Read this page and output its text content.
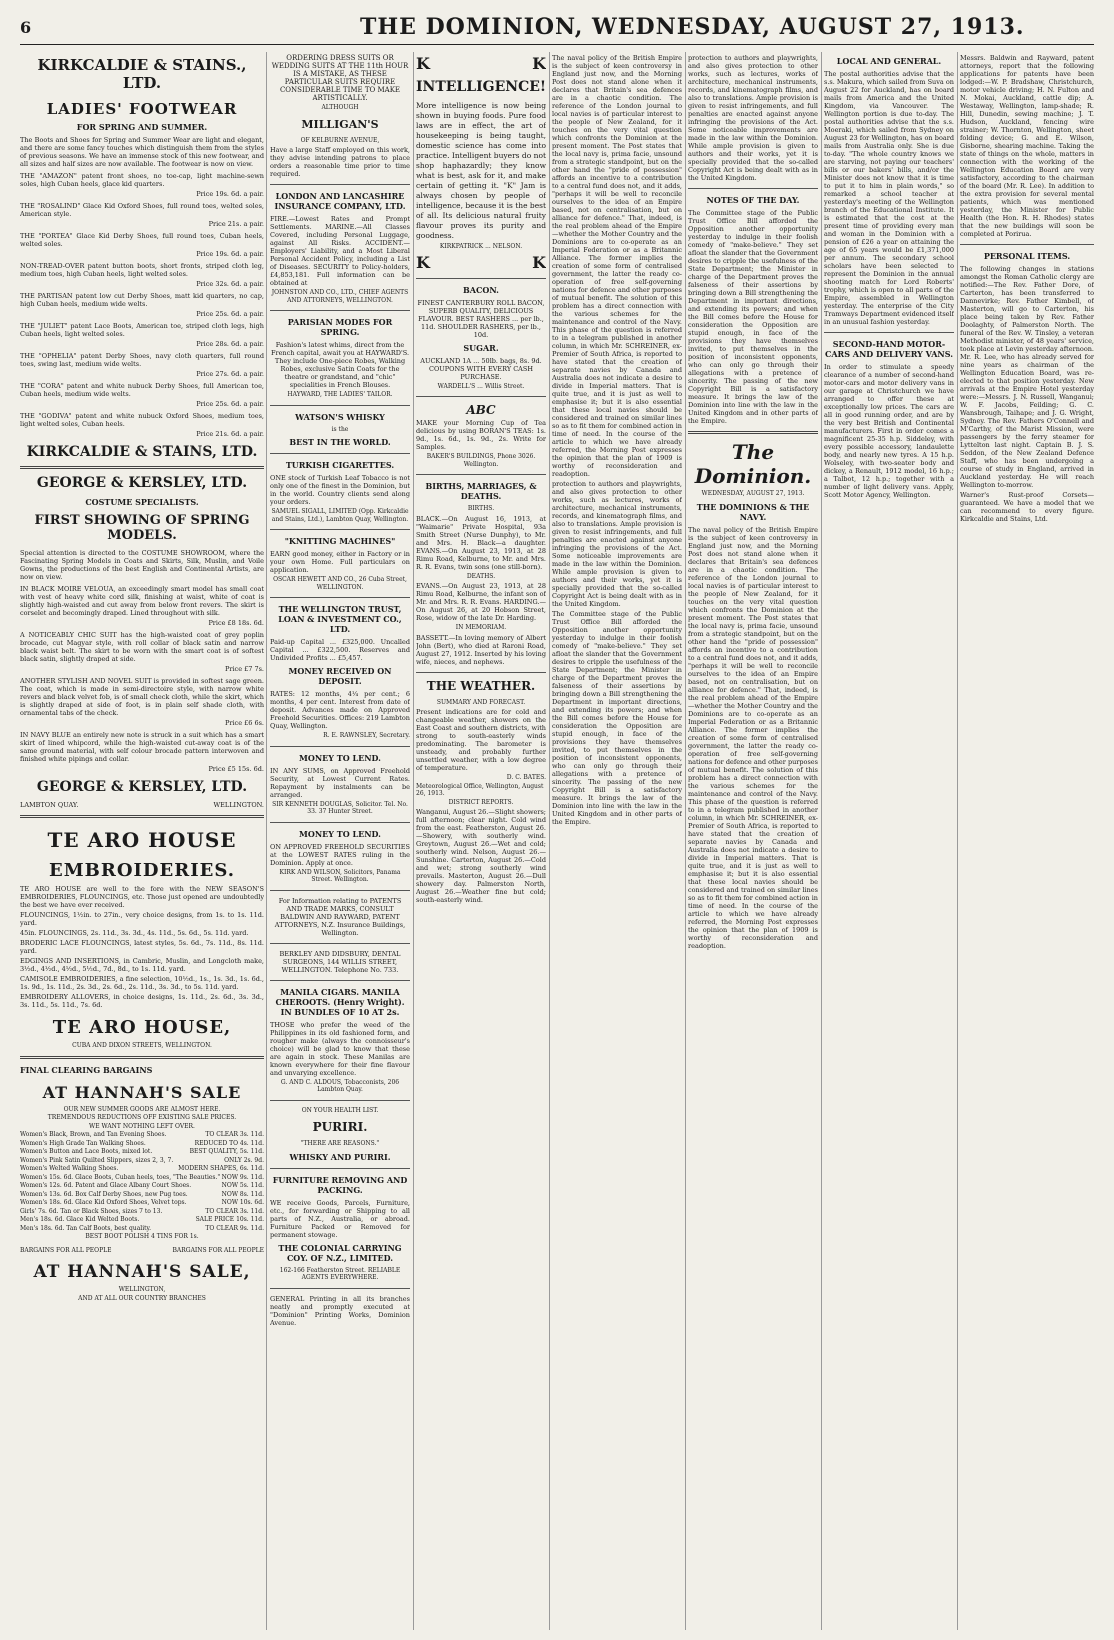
6	THE DOMINION, WEDNESDAY, AUGUST 27, 1913.
KIRKCALDIE & STAINS., LTD.
LADIES' FOOTWEAR
FOR SPRING AND SUMMER.
The Boots and Shoes for Spring and Summer Wear are light and elegant, and there are some fancy touches which distinguish them from the styles of previous seasons. We have an immense stock of this new footwear, and all sizes and half sizes are now available. The footwear is now on view.
THE "AMAZON" patent front shoes, no toe-cap, light machine-sewn soles, high Cuban heels, glace kid quarters.
Price 19s. 6d. a pair.
THE "ROSALIND" Glace Kid Oxford Shoes, full round toes, welted soles, American style.
Price 21s. a pair.
THE "PORTEA" Glace Kid Derby Shoes, full round toes, Cuban heels, welted soles.
Price 19s. 6d. a pair.
NON-TREAD-OVER patent button boots, short fronts, striped cloth leg, medium toes, high Cuban heels, light welted soles.
Price 32s. 6d. a pair.
THE PARTISAN patent low cut Derby Shoes, matt kid quarters, no cap, high Cuban heels, medium wide welts.
Price 25s. 6d. a pair.
THE "JULIET" patent Lace Boots, American toe, striped cloth legs, high Cuban heels, light welted soles.
Price 28s. 6d. a pair.
THE "OPHELIA" patent Derby Shoes, navy cloth quarters, full round toes, swing last, medium wide welts.
Price 27s. 6d. a pair.
THE "CORA" patent and white nubuck Derby Shoes, full American toe, Cuban heels, medium wide welts.
Price 25s. 6d. a pair.
THE "GODIVA" patent and white nubuck Oxford Shoes, medium toes, light welted soles, Cuban heels.
Price 21s. 6d. a pair.
KIRKCALDIE & STAINS, LTD.
GEORGE & KERSLEY, LTD.
COSTUME SPECIALISTS.
FIRST SHOWING OF SPRING MODELS.
Special attention is directed to the COSTUME SHOWROOM, where the Fascinating Spring Models in Coats and Skirts, Silk, Muslin, and Voile Gowns, the productions of the best English and Continental Artists, are now on view.
IN BLACK MOIRE VELOUA, an exceedingly smart model has small coat with vest of heavy white cord silk, finishing at waist, white of coat is slightly high-waisted and cut away from below front revers. The skirt is corselet and becomingly draped. Lined throughout with silk.
Price £8 18s. 6d.
A NOTICEABLY CHIC SUIT has the high-waisted coat of grey poplin brocade, cut Magyar style, with roll collar of black satin and narrow black waist belt. The skirt to be worn with the smart coat is of softest black satin, slightly draped at side.
Price £7 7s.
ANOTHER STYLISH AND NOVEL SUIT is provided in softest sage green. The coat, which is made in semi-directoire style, with narrow white revers and black velvet fob, is of small check cloth, while the skirt, which is slightly draped at side of foot, is in plain self shade cloth, with ornamental tabs of the check.
Price £6 6s.
IN NAVY BLUE an entirely new note is struck in a suit which has a smart skirt of lined whipcord, while the high-waisted cut-away coat is of the same ground material, with self colour brocade pattern interwoven and finished white pipings and collar.
Price £5 15s. 6d.
GEORGE & KERSLEY, LTD.
LAMBTON QUAY.	WELLINGTON.
TE ARO HOUSE
EMBROIDERIES.
TE ARO HOUSE are well to the fore with the NEW SEASON'S EMBROIDERIES, FLOUNCINGS, etc. Those just opened are undoubtedly the best we have ever received.
FLOUNCINGS, 1½in. to 27in., very choice designs, from 1s. to 1s. 11d. yard.
45in. FLOUNCINGS, 2s. 11d., 3s. 3d., 4s. 11d., 5s. 6d., 5s. 11d. yard.
BRODERIC LACE FLOUNCINGS, latest styles, 5s. 6d., 7s. 11d., 8s. 11d. yard.
EDGINGS AND INSERTIONS, in Cambric, Muslin, and Longcloth make, 3½d., 4½d., 4½d., 5½d., 7d., 8d., to 1s. 11d. yard.
CAMISOLE EMBROIDERIES, a fine selection, 10½d., 1s., 1s. 3d., 1s. 6d., 1s. 9d., 1s. 11d., 2s. 3d., 2s. 6d., 2s. 11d., 3s. 3d., to 5s. 11d. yard.
EMBROIDERY ALLOVERS, in choice designs, 1s. 11d., 2s. 6d., 3s. 3d., 3s. 11d., 5s. 11d., 7s. 6d.
TE ARO HOUSE,
CUBA AND DIXON STREETS, WELLINGTON.
FINAL CLEARING BARGAINS
AT HANNAH'S SALE
OUR NEW SUMMER GOODS ARE ALMOST HERE.
TREMENDOUS REDUCTIONS OFF EXISTING SALE PRICES.
WE WANT NOTHING LEFT OVER.
Women's Black, Brown, and Tan Evening Shoes.	TO CLEAR 3s. 11d.
Women's High Grade Tan Walking Shoes.	REDUCED TO 4s. 11d.
Women's Button and Lace Boots, mixed lot.	BEST QUALITY, 5s. 11d.
Women's Pink Satin Quilted Slippers, sizes 2, 3, 7.	ONLY 2s. 9d.
Women's Welted Walking Shoes.	MODERN SHAPES, 6s. 11d.
Women's 15s. 6d. Glace Boots, Cuban heels, toes, "The Beauties." NOW 9s. 11d.
Women's 12s. 6d. Patent and Glace Albany Court Shoes.	NOW 5s. 11d.
Women's 13s. 6d. Box Calf Derby Shoes, new Pug toes.	NOW 8s. 11d.
Women's 18s. 6d. Glace Kid Oxford Shoes, Velvet tops.	NOW 10s. 6d.
Girls' 7s. 6d. Tan or Black Shoes, sizes 7 to 13.	TO CLEAR 3s. 11d.
Men's 18s. 6d. Glace Kid Welted Boots.	SALE PRICE 10s. 11d.
Men's 18s. 6d. Tan Calf Boots, best quality.	TO CLEAR 9s. 11d.
BEST BOOT POLISH 4 TINS FOR 1s.
BARGAINS FOR ALL PEOPLE	BARGAINS FOR ALL PEOPLE
AT HANNAH'S SALE,
WELLINGTON,
AND AT ALL OUR COUNTRY BRANCHES
ORDERING DRESS SUITS OR WEDDING SUITS AT THE 11th HOUR IS A MISTAKE, AS THESE PARTICULAR SUITS REQUIRE CONSIDERABLE TIME TO MAKE ARTISTICALLY.
ALTHOUGH
MILLIGAN'S
OF KELBURNE AVENUE,
Have a large Staff employed on this work, they advise intending patrons to place orders a reasonable time prior to time required.
LONDON AND LANCASHIRE INSURANCE COMPANY, LTD.
FIRE.—Lowest Rates and Prompt Settlements. MARINE.—All Classes Covered, including Personal Luggage, against All Risks. ACCIDENT.—Employers' Liability, and a Most Liberal Personal Accident Policy, including a List of Diseases. SECURITY to Policy-holders, £4,853,181. Full information can be obtained at
JOHNSTON AND CO., LTD., CHIEF AGENTS AND ATTORNEYS, WELLINGTON.
PARISIAN MODES FOR SPRING.
Fashion's latest whims, direct from the French capital, await you at HAYWARD'S. They include One-piece Robes, Walking Robes, exclusive Satin Coats for the theatre or grandstand, and "chic" specialities in French Blouses.
HAYWARD, THE LADIES' TAILOR.
WATSON'S WHISKY
is the
BEST IN THE WORLD.
TURKISH CIGARETTES.
ONE stock of Turkish Leaf Tobacco is not only one of the finest in the Dominion, but in the world. Country clients send along your orders.
SAMUEL SIGALL, LIMITED (Opp. Kirkcaldie and Stains, Ltd.), Lambton Quay, Wellington.
"KNITTING MACHINES"
EARN good money, either in Factory or in your own Home. Full particulars on application.
OSCAR HEWETT AND CO., 26 Cuba Street, WELLINGTON.
THE WELLINGTON TRUST, LOAN & INVESTMENT CO., LTD.
Paid-up Capital ... £325,000. Uncalled Capital ... £322,500. Reserves and Undivided Profits ... £5,457.
MONEY RECEIVED ON DEPOSIT.
RATES: 12 months, 4¼ per cent.; 6 months, 4 per cent. Interest from date of deposit. Advances made on Approved Freehold Securities. Offices: 219 Lambton Quay, Wellington.
R. E. RAWNSLEY, Secretary.
MONEY TO LEND.
IN ANY SUMS, on Approved Freehold Security, at Lowest Current Rates. Repayment by instalments can be arranged.
SIR KENNETH DOUGLAS, Solicitor. Tel. No. 33. 37 Hunter Street.
MONEY TO LEND.
ON APPROVED FREEHOLD SECURITIES at the LOWEST RATES ruling in the Dominion. Apply at once.
KIRK AND WILSON, Solicitors, Panama Street. Wellington.
For Information relating to PATENTS AND TRADE MARKS, CONSULT BALDWIN AND RAYWARD, PATENT ATTORNEYS, N.Z. Insurance Buildings, Wellington.
BERKLEY AND DIDSBURY, DENTAL SURGEONS, 144 WILLIS STREET, WELLINGTON. Telephone No. 733.
MANILA CIGARS. MANILA CHEROOTS. (Henry Wright). IN BUNDLES OF 10 AT 2s.
THOSE who prefer the weed of the Philippines in its old fashioned form, and rougher make (always the connoisseur's choice) will be glad to know that these are again in stock. These Manilas are known everywhere for their fine flavour and unvarying excellence.
G. AND C. ALDOUS, Tobacconists, 206 Lambton Quay.
ON YOUR HEALTH LIST.
PURIRI.
"THERE ARE REASONS."
WHISKY AND PURIRI.
FURNITURE REMOVING AND PACKING.
WE receive Goods, Parcels, Furniture, etc., for forwarding or Shipping to all parts of N.Z., Australia, or abroad. Furniture Packed or Removed for permanent stowage.
THE COLONIAL CARRYING COY. OF N.Z., LIMITED.
162-166 Featherston Street. RELIABLE AGENTS EVERYWHERE.
GENERAL Printing in all its branches neatly and promptly executed at "Dominion" Printing Works, Dominion Avenue.
K	K
INTELLIGENCE!
More intelligence is now being shown in buying foods. Pure food laws are in effect, the art of housekeeping is being taught, domestic science has come into practice. Intelligent buyers do not shop haphazardly; they know what is best, ask for it, and make certain of getting it. "K" Jam is always chosen by people of intelligence, because it is the best of all. Its delicious natural fruity flavour proves its purity and goodness.
KIRKPATRICK ... NELSON.
K	K
BACON.
FINEST CANTERBURY ROLL BACON, SUPERB QUALITY, DELICIOUS FLAVOUR. BEST RASHERS ... per lb., 11d. SHOULDER RASHERS, per lb., 10d.
SUGAR.
AUCKLAND 1A ... 50lb. bags, 8s. 9d. COUPONS WITH EVERY CASH PURCHASE.
WARDELL'S ... Willis Street.
ABC
MAKE your Morning Cup of Tea delicious by using BORAN'S TEAS: 1s. 9d., 1s. 6d., 1s. 9d., 2s. Write for Samples.
BAKER'S BUILDINGS, Phone 3026. Wellington.
BIRTHS, MARRIAGES, & DEATHS.
BIRTHS.
BLACK.—On August 16, 1913, at "Waimarie" Private Hospital, 93a Smith Street (Nurse Dunphy), to Mr. and Mrs. H. Black—a daughter. EVANS.—On August 23, 1913, at 28 Rimu Road, Kelburne, to Mr. and Mrs. R. R. Evans, twin sons (one still-born).
DEATHS.
EVANS.—On August 23, 1913, at 28 Rimu Road, Kelburne, the infant son of Mr. and Mrs. R. R. Evans. HARDING.—On August 26, at 20 Hobson Street, Rose, widow of the late Dr. Harding.
IN MEMORIAM.
BASSETT.—In loving memory of Albert John (Bert), who died at Raroni Road, August 27, 1912. Inserted by his loving wife, nieces, and nephews.
THE WEATHER.
SUMMARY AND FORECAST.
Present indications are for cold and changeable weather, showers on the East Coast and southern districts, with strong to south-easterly winds predominating. The barometer is unsteady, and probably further unsettled weather, with a low degree of temperature.
D. C. BATES.
Meteorological Office, Wellington, August 26, 1913.
DISTRICT REPORTS.
Wanganui, August 26.—Slight showers; full afternoon; clear night. Cold wind from the east. Featherston, August 26.—Showery, with southerly wind. Greytown, August 26.—Wet and cold; southerly wind. Nelson, August 26.—Sunshine. Carterton, August 26.—Cold and wet; strong southerly wind prevails. Masterton, August 26.—Dull showery day. Palmerston North, August 26.—Weather fine but cold; south-easterly wind.
The naval policy of the British Empire is the subject of keen controversy in England just now, and the Morning Post does not stand alone when it declares that Britain's sea defences are in a chaotic condition. The reference of the London journal to local navies is of particular interest to the people of New Zealand, for it touches on the very vital question which confronts the Dominion at the present moment. The Post states that the local navy is, prima facie, unsound from a strategic standpoint, but on the other hand the "pride of possession" affords an incentive to a contribution to a central fund does not, and it adds, "perhaps it will be well to reconcile ourselves to the idea of an Empire based, not on centralisation, but on alliance for defence." That, indeed, is the real problem ahead of the Empire—whether the Mother Country and the Dominions are to co-operate as an Imperial Federation or as a Britannic Alliance. The former implies the creation of some form of centralised government, the latter the ready co-operation of free self-governing nations for defence and other purposes of mutual benefit. The solution of this problem has a direct connection with the various schemes for the maintenance and control of the Navy. This phase of the question is referred to in a telegram published in another column, in which Mr. SCHREINER, ex-Premier of South Africa, is reported to have stated that the creation of separate navies by Canada and Australia does not indicate a desire to divide in Imperial matters. That is quite true, and it is just as well to emphasise it; but it is also essential that these local navies should be considered and trained on similar lines so as to fit them for combined action in time of need. In the course of the article to which we have already referred, the Morning Post expresses the opinion that the plan of 1909 is worthy of reconsideration and readoption.
protection to authors and playwrights, and also gives protection to other works, such as lectures, works of architecture, mechanical instruments, records, and kinematograph films, and also to translations. Ample provision is given to resist infringements, and full penalties are enacted against anyone infringing the provisions of the Act. Some noticeable improvements are made in the law within the Dominion. While ample provision is given to authors and their works, yet it is specially provided that the so-called Copyright Act is being dealt with as in the United Kingdom.
The Committee stage of the Public Trust Office Bill afforded the Opposition another opportunity yesterday to indulge in their foolish comedy of "make-believe." They set afloat the slander that the Government desires to cripple the usefulness of the State Department; the Minister in charge of the Department proves the falseness of their assertions by bringing down a Bill strengthening the Department in important directions, and extending its powers; and when the Bill comes before the House for consideration the Opposition are stupid enough, in face of the provisions they have themselves invited, to put themselves in the position of inconsistent opponents, who can only go through their allegations with a pretence of sincerity. The passing of the new Copyright Bill is a satisfactory measure. It brings the law of the Dominion into line with the law in the United Kingdom and in other parts of the Empire.
protection to authors and playwrights, and also gives protection to other works, such as lectures, works of architecture, mechanical instruments, records, and kinematograph films, and also to translations. Ample provision is given to resist infringements, and full penalties are enacted against anyone infringing the provisions of the Act. Some noticeable improvements are made in the law within the Dominion. While ample provision is given to authors and their works, yet it is specially provided that the so-called Copyright Act is being dealt with as in the United Kingdom.
NOTES OF THE DAY.
The Committee stage of the Public Trust Office Bill afforded the Opposition another opportunity yesterday to indulge in their foolish comedy of "make-believe." They set afloat the slander that the Government desires to cripple the usefulness of the State Department; the Minister in charge of the Department proves the falseness of their assertions by bringing down a Bill strengthening the Department in important directions, and extending its powers; and when the Bill comes before the House for consideration the Opposition are stupid enough, in face of the provisions they have themselves invited, to put themselves in the position of inconsistent opponents, who can only go through their allegations with a pretence of sincerity. The passing of the new Copyright Bill is a satisfactory measure. It brings the law of the Dominion into line with the law in the United Kingdom and in other parts of the Empire.
The Dominion.
WEDNESDAY, AUGUST 27, 1913.
THE DOMINIONS & THE NAVY.
The naval policy of the British Empire is the subject of keen controversy in England just now, and the Morning Post does not stand alone when it declares that Britain's sea defences are in a chaotic condition. The reference of the London journal to local navies is of particular interest to the people of New Zealand, for it touches on the very vital question which confronts the Dominion at the present moment. The Post states that the local navy is, prima facie, unsound from a strategic standpoint, but on the other hand the "pride of possession" affords an incentive to a contribution to a central fund does not, and it adds, "perhaps it will be well to reconcile ourselves to the idea of an Empire based, not on centralisation, but on alliance for defence." That, indeed, is the real problem ahead of the Empire—whether the Mother Country and the Dominions are to co-operate as an Imperial Federation or as a Britannic Alliance. The former implies the creation of some form of centralised government, the latter the ready co-operation of free self-governing nations for defence and other purposes of mutual benefit. The solution of this problem has a direct connection with the various schemes for the maintenance and control of the Navy. This phase of the question is referred to in a telegram published in another column, in which Mr. SCHREINER, ex-Premier of South Africa, is reported to have stated that the creation of separate navies by Canada and Australia does not indicate a desire to divide in Imperial matters. That is quite true, and it is just as well to emphasise it; but it is also essential that these local navies should be considered and trained on similar lines so as to fit them for combined action in time of need. In the course of the article to which we have already referred, the Morning Post expresses the opinion that the plan of 1909 is worthy of reconsideration and readoption.
LOCAL AND GENERAL.
The postal authorities advise that the s.s. Makura, which sailed from Suva on August 22 for Auckland, has on board mails from America and the United Kingdom, via Vancouver. The Wellington portion is due to-day. The postal authorities advise that the s.s. Moeraki, which sailed from Sydney on August 23 for Wellington, has on board mails from Australia only. She is due to-day. "The whole country knows we are starving, not paying our teachers' bills or our bakers' bills, and/or the Minister does not know that it is time to put it to him in plain words," so remarked a school teacher at yesterday's meeting of the Wellington branch of the Educational Institute. It is estimated that the cost at the present time of providing every man and woman in the Dominion with a pension of £26 a year on attaining the age of 65 years would be £1,371,000 per annum. The secondary school scholars have been selected to represent the Dominion in the annual shooting match for Lord Roberts' trophy, which is open to all parts of the Empire, assembled in Wellington yesterday. The enterprise of the City Tramways Department evidenced itself in an unusual fashion yesterday.
SECOND-HAND MOTOR-CARS AND DELIVERY VANS.
In order to stimulate a speedy clearance of a number of second-hand motor-cars and motor delivery vans in our garage at Christchurch we have arranged to offer these at exceptionally low prices. The cars are all in good running order, and are by the very best British and Continental manufacturers. First in order comes a magnificent 25-35 h.p. Siddeley, with every possible accessory, landaulette body, and nearly new tyres. A 15 h.p. Wolseley, with two-seater body and dickey, a Renault, 1912 model, 16 h.p.; a Talbot, 12 h.p.; together with a number of light delivery vans. Apply, Scott Motor Agency, Wellington.
Messrs. Baldwin and Rayward, patent attorneys, report that the following applications for patents have been lodged:—W. P. Bradshaw, Christchurch, motor vehicle driving; H. N. Fulton and N. Mokai, Auckland, cattle dip; A. Westaway, Wellington, lamp-shade; R. Hill, Dunedin, sewing machine; J. T. Hudson, Auckland, fencing wire strainer; W. Thornton, Wellington, sheet folding device; G. and E. Wilson, Gisborne, shearing machine. Taking the state of things on the whole, matters in connection with the working of the Wellington Education Board are very satisfactory, according to the chairman of the board (Mr. R. Lee). In addition to the extra provision for several mental patients, which was mentioned yesterday, the Minister for Public Health (the Hon. R. H. Rhodes) states that the new buildings will soon be completed at Porirua.
PERSONAL ITEMS.
The following changes in stations amongst the Roman Catholic clergy are notified:—The Rev. Father Dore, of Carterton, has been transferred to Dannevirke; Rev. Father Kimbell, of Masterton, will go to Carterton, his place being taken by Rev. Father Doolaghty, of Palmerston North. The funeral of the Rev. W. Tinsley, a veteran Methodist minister, of 48 years' service, took place at Levin yesterday afternoon. Mr. R. Lee, who has already served for nine years as chairman of the Wellington Education Board, was re-elected to that position yesterday. New arrivals at the Empire Hotel yesterday were:—Messrs. J. N. Russell, Wanganui; W. F. Jacobs, Feilding; G. C. Wansbrough, Taihape; and J. G. Wright, Sydney. The Rev. Fathers O'Connell and M'Carthy, of the Marist Mission, were passengers by the ferry steamer for Lyttelton last night. Captain B. J. S. Seddon, of the New Zealand Defence Staff, who has been undergoing a course of study in England, arrived in Auckland yesterday. He will reach Wellington to-morrow.
Warner's Rust-proof Corsets—guaranteed. We have a model that we can recommend to every figure. Kirkcaldie and Stains, Ltd.
